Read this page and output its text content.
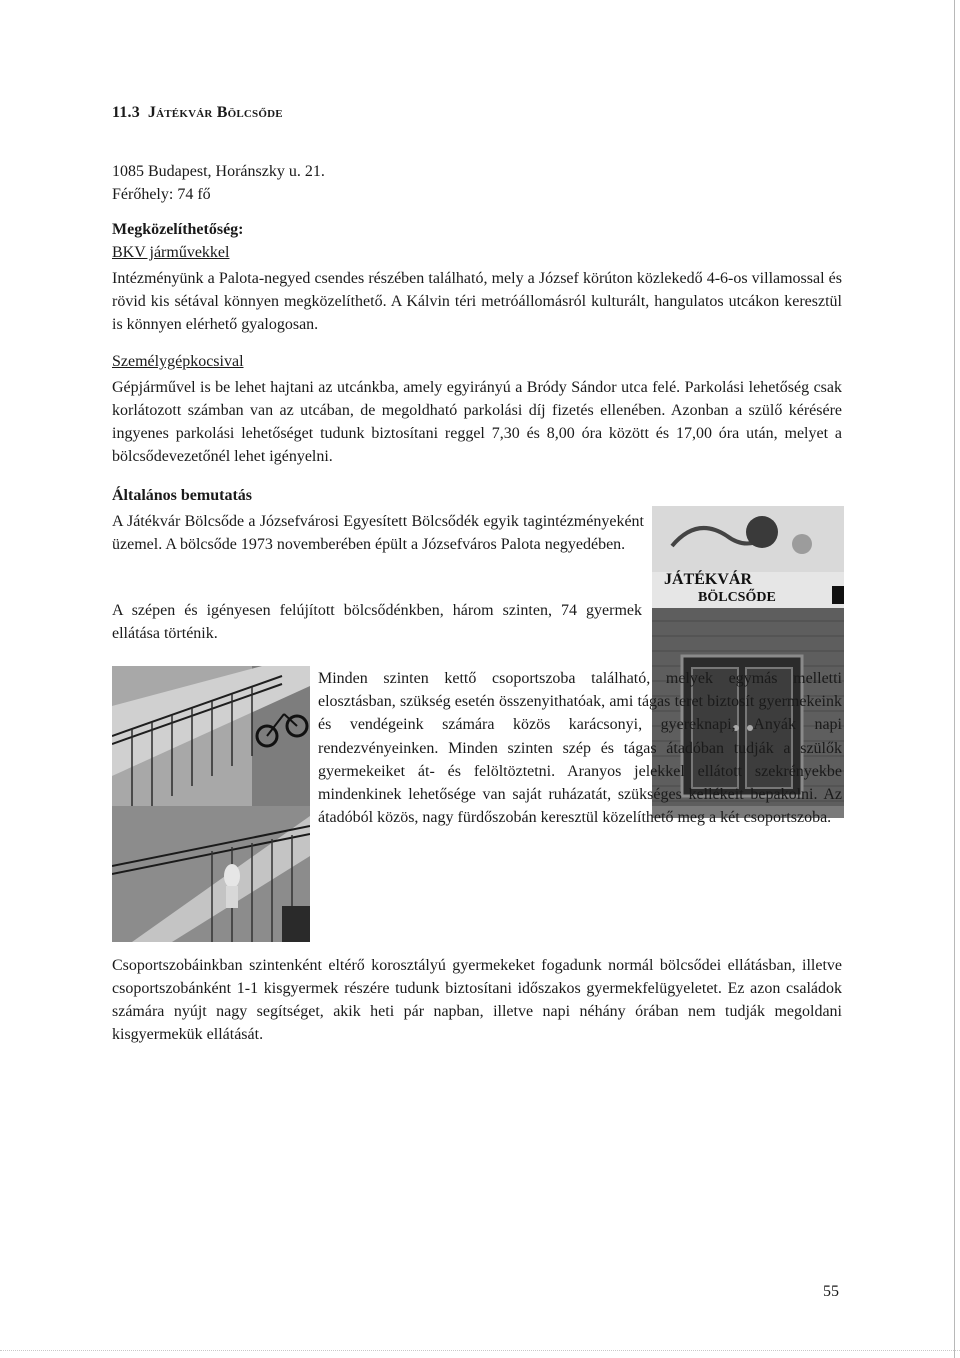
11.3 Játékvár Bölcsőde
1085 Budapest, Horánszky u. 21.
Férőhely: 74 fő
Megközelíthetőség:
BKV járművekkel
Intézményünk a Palota-negyed csendes részében található, mely a József körúton közlekedő 4-6-os villamossal és rövid kis sétával könnyen megközelíthető. A Kálvin téri metróállomásról kulturált, hangulatos utcákon keresztül is könnyen elérhető gyalogosan.
Személygépkocsival
Gépjárművel is be lehet hajtani az utcánkba, amely egyirányú a Bródy Sándor utca felé. Parkolási lehetőség csak korlátozott számban van az utcában, de megoldható parkolási díj fizetés ellenében. Azonban a szülő kérésére ingyenes parkolási lehetőséget tudunk biztosítani reggel 7,30 és 8,00 óra között és 17,00 óra után, melyet a bölcsődevezetőnél lehet igényelni.
Általános bemutatás
A Játékvár Bölcsőde a Józsefvárosi Egyesített Bölcsődék egyik tagintézményeként üzemel. A bölcsőde 1973 novemberében épült a Józsefváros Palota negyedében.
A szépen és igényesen felújított bölcsődénkben, három szinten, 74 gyermek ellátása történik.
JÁTÉKVÁR
BÖLCSŐDE
Minden szinten kettő csoportszoba található, melyek egymás melletti elosztásban, szükség esetén összenyithatóak, ami tágas teret biztosít gyermekeink és vendégeink számára közös karácsonyi, gyereknapi, Anyák napi rendezvényeinken. Minden szinten szép és tágas átadóban tudják a szülők gyermekeiket át- és felöltöztetni. Aranyos jelekkel ellátott szekrényekbe mindenkinek lehetősége van saját ruházatát, szükséges kellékeit bepakolni. Az átadóból közös, nagy fürdőszobán keresztül közelíthető meg a két csoportszoba.
Csoportszobáinkban szintenként eltérő korosztályú gyermekeket fogadunk normál bölcsődei ellátásban, illetve csoportszobánként 1-1 kisgyermek részére tudunk biztosítani időszakos gyermekfelügyeletet. Ez azon családok számára nyújt nagy segítséget, akik heti pár napban, illetve napi néhány órában nem tudják megoldani kisgyermekük ellátását.
55
